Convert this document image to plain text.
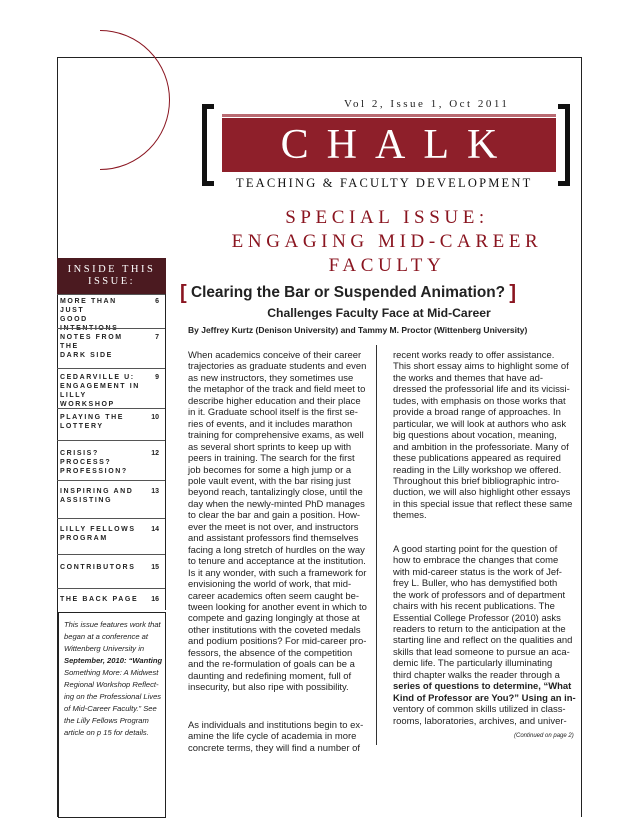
Vol 2, Issue 1, Oct 2011
CHALK
TEACHING & FACULTY DEVELOPMENT
SPECIAL ISSUE:
ENGAGING MID-CAREER
FACULTY
INSIDE THIS
ISSUE:
MORE THAN JUST
GOOD INTENTIONS
6
NOTES FROM THE
DARK SIDE
7
CEDARVILLE U:
ENGAGEMENT IN
LILLY WORKSHOP
9
PLAYING THE
LOTTERY
10
CRISIS?
PROCESS?
PROFESSION?
12
INSPIRING AND
ASSISTING
13
LILLY FELLOWS
PROGRAM
14
CONTRIBUTORS	15
THE BACK PAGE	16
This issue features work that
began at a conference at
Wittenberg University in
September, 2010: “Wanting
Something More: A Midwest
Regional Workshop Reflect-
ing on the Professional Lives
of Mid-Career Faculty.” See
the Lilly Fellows Program
article on p 15 for details.
[ Clearing the Bar or Suspended Animation? ]
Challenges Faculty Face at Mid-Career
By Jeffrey Kurtz (Denison University) and Tammy M. Proctor (Wittenberg University)

When academics conceive of their career
trajectories as graduate students and even
as new instructors, they sometimes use
the metaphor of the track and field meet to
describe higher education and their place
in it. Graduate school itself is the first se-
ries of events, and it includes marathon
training for comprehensive exams, as well
as several short sprints to keep up with
peers in training. The search for the first
job becomes for some a high jump or a
pole vault event, with the bar rising just
beyond reach, tantalizingly close, until the
day when the newly-minted PhD manages
to clear the bar and gain a position. How-
ever the meet is not over, and instructors
and assistant professors find themselves
facing a long stretch of hurdles on the way
to tenure and acceptance at the institution.
Is it any wonder, with such a framework for
envisioning the world of work, that mid-
career academics often seem caught be-
tween looking for another event in which to
compete and gazing longingly at those at
other institutions with the coveted medals
and podium positions? For mid-career pro-
fessors, the absence of the competition
and the re-formulation of goals can be a
daunting and redefining moment, full of
insecurity, but also ripe with possibility.

As individuals and institutions begin to ex-
amine the life cycle of academia in more
concrete terms, they will find a number of

recent works ready to offer assistance.
This short essay aims to highlight some of
the works and themes that have ad-
dressed the professorial life and its vicissi-
tudes, with emphasis on those works that
provide a broad range of approaches. In
particular, we will look at authors who ask
big questions about vocation, meaning,
and ambition in the professoriate. Many of
these publications appeared as required
reading in the Lilly workshop we offered.
Throughout this brief bibliographic intro-
duction, we will also highlight other essays
in this special issue that reflect these same
themes.

A good starting point for the question of
how to embrace the changes that come
with mid-career status is the work of Jef-
frey L. Buller, who has demystified both
the work of professors and of department
chairs with his recent publications. The
Essential College Professor (2010) asks
readers to return to the anticipation at the
starting line and reflect on the qualities and
skills that lead someone to pursue an aca-
demic life. The particularly illuminating
third chapter walks the reader through a
series of questions to determine, “What
Kind of Professor are You?” Using an in-
ventory of common skills utilized in class-
rooms, laboratories, archives, and univer-

(Continued on page 2)
